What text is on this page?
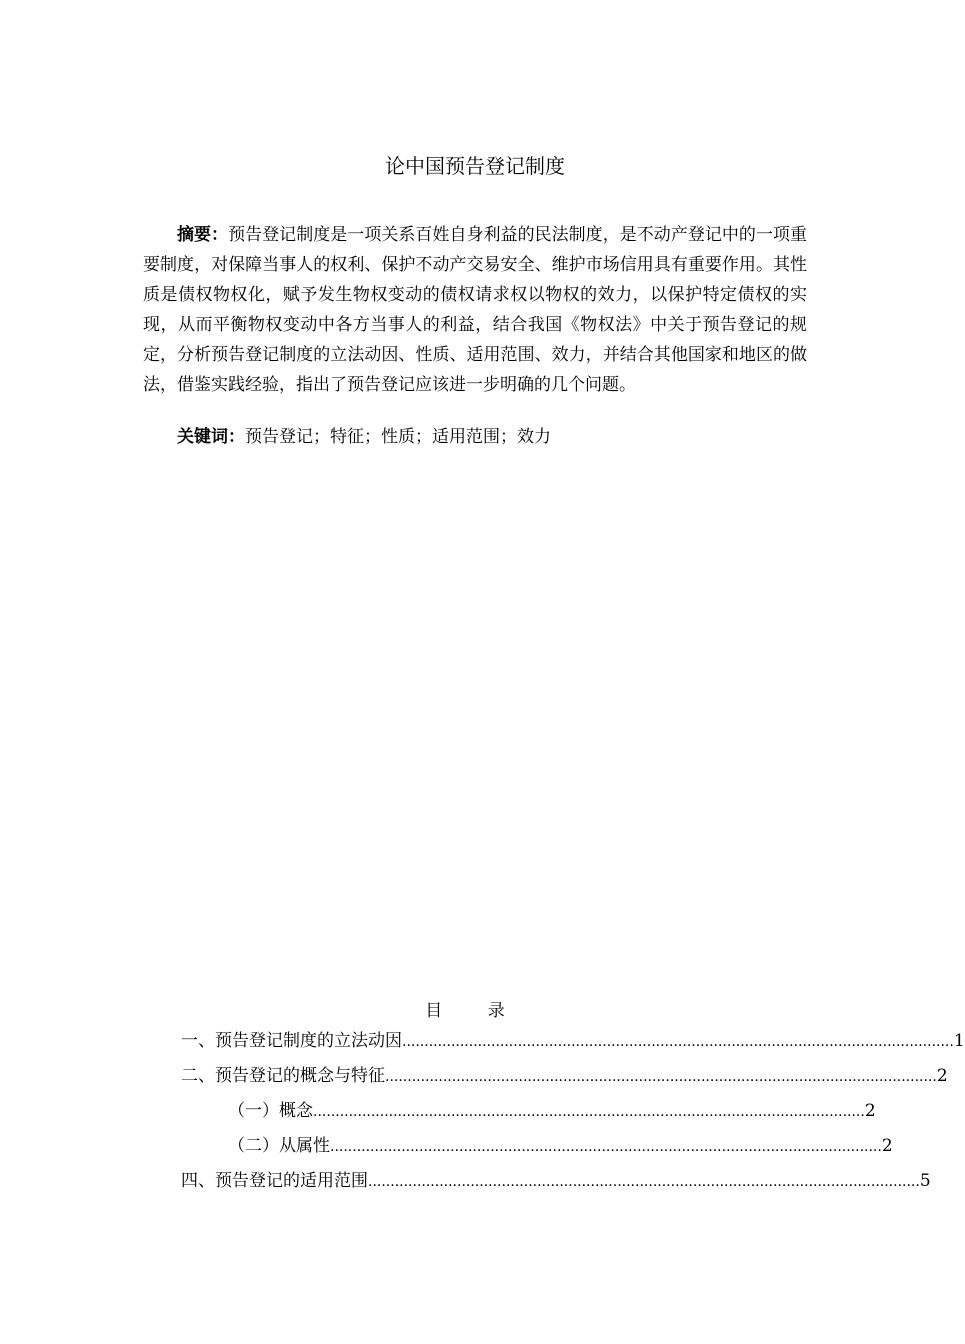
论中国预告登记制度

摘要：预告登记制度是一项关系百姓自身利益的民法制度，是不动产登记中的一项重要制度，对保障当事人的权利、保护不动产交易安全、维护市场信用具有重要作用。其性质是债权物权化，赋予发生物权变动的债权请求权以物权的效力，以保护特定债权的实现，从而平衡物权变动中各方当事人的利益，结合我国《物权法》中关于预告登记的规定，分析预告登记制度的立法动因、性质、适用范围、效力，并结合其他国家和地区的做法，借鉴实践经验，指出了预告登记应该进一步明确的几个问题。

关键词：预告登记；特征；性质；适用范围；效力

目 录
一、预告登记制度的立法动因 ............................................................................................................................ 1
二、预告登记的概念与特征 ............................................................................................................................ 2
（一）概念 ............................................................................................................................ 2
（二）从属性 ............................................................................................................................ 2
四、预告登记的适用范围 ............................................................................................................................ 5
